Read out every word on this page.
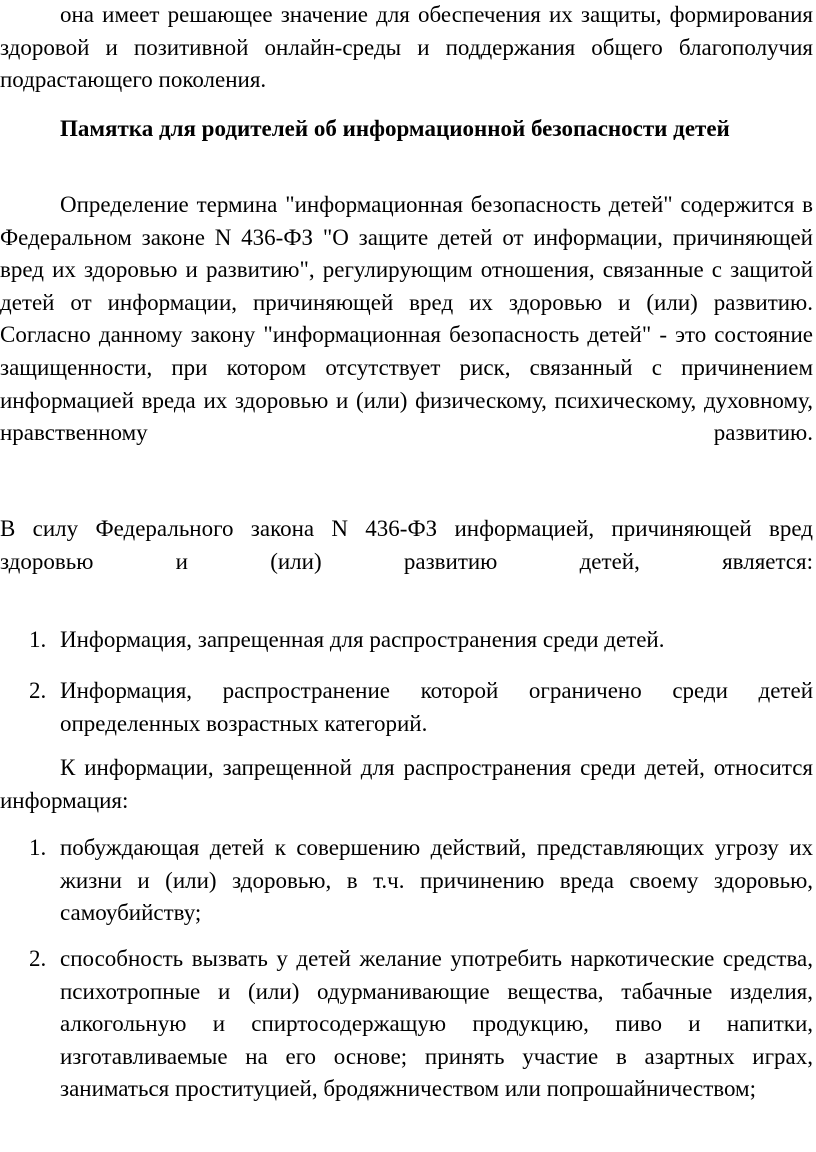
она имеет решающее значение для обеспечения их защиты, формирования здоровой и позитивной онлайн-среды и поддержания общего благополучия подрастающего поколения.

Памятка для родителей об информационной безопасности детей

Определение термина "информационная безопасность детей" содержится в Федеральном законе N 436-ФЗ "О защите детей от информации, причиняющей вред их здоровью и развитию", регулирующим отношения, связанные с защитой детей от информации, причиняющей вред их здоровью и (или) развитию. Согласно данному закону "информационная безопасность детей" - это состояние защищенности, при котором отсутствует риск, связанный с причинением информацией вреда их здоровью и (или) физическому, психическому, духовному, нравственному развитию.

В силу Федерального закона N 436-ФЗ информацией, причиняющей вред здоровью и (или) развитию детей, является:

1. Информация, запрещенная для распространения среди детей.
2. Информация, распространение которой ограничено среди детей определенных возрастных категорий.

К информации, запрещенной для распространения среди детей, относится информация:

1. побуждающая детей к совершению действий, представляющих угрозу их жизни и (или) здоровью, в т.ч. причинению вреда своему здоровью, самоубийству;
2. способность вызвать у детей желание употребить наркотические средства, психотропные и (или) одурманивающие вещества, табачные изделия, алкогольную и спиртосодержащую продукцию, пиво и напитки, изготавливаемые на его основе; принять участие в азартных играх, заниматься проституцией, бродяжничеством или попрошайничеством;
